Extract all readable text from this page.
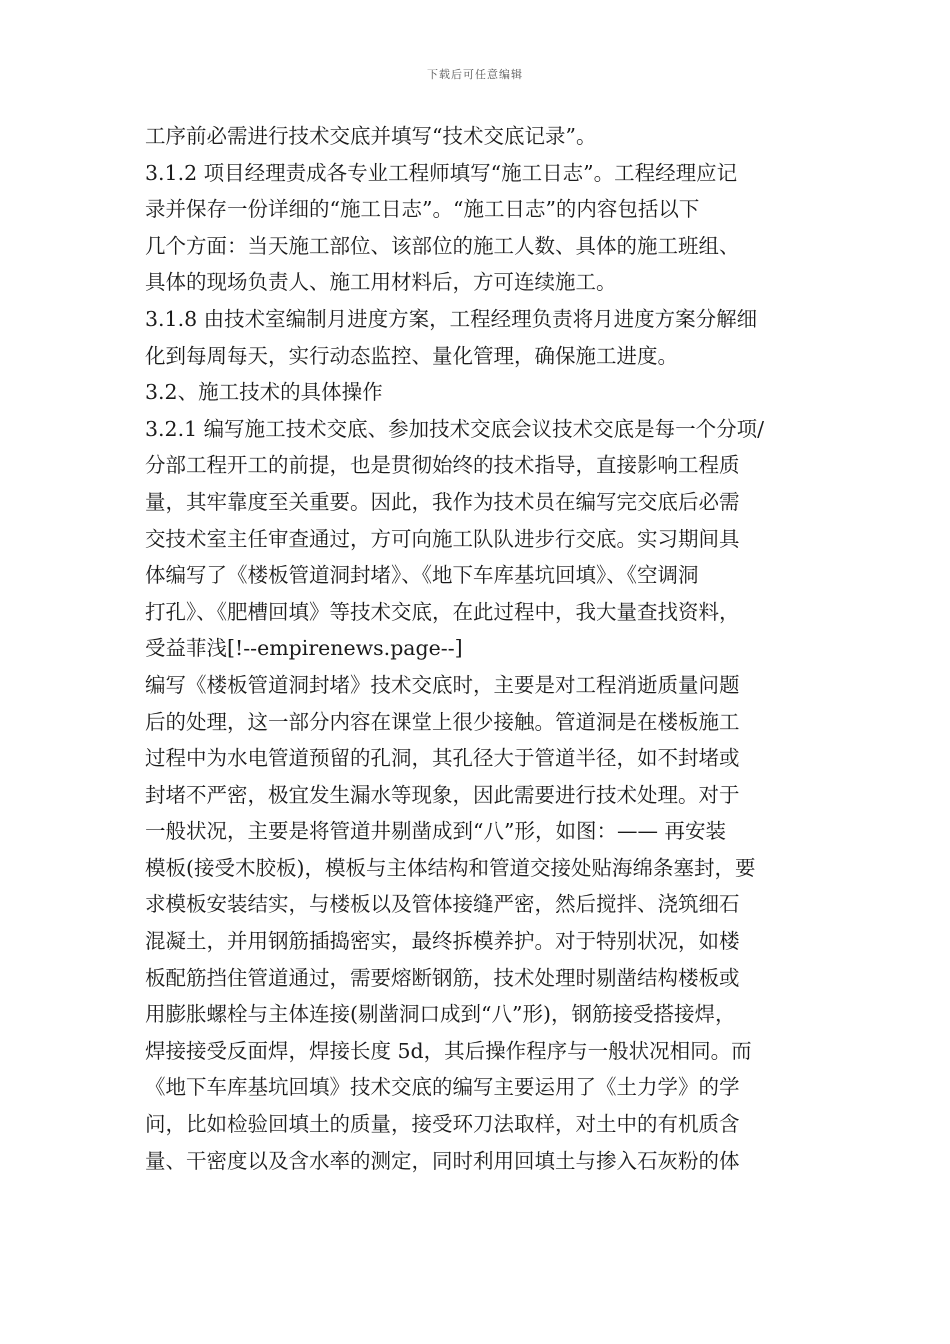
下载后可任意编辑
工序前必需进行技术交底并填写“技术交底记录”。
3.1.2 项目经理责成各专业工程师填写“施工日志”。工程经理应记
录并保存一份详细的“施工日志”。“施工日志”的内容包括以下
几个方面：当天施工部位、该部位的施工人数、具体的施工班组、
具体的现场负责人、施工用材料后，方可连续施工。
3.1.8 由技术室编制月进度方案，工程经理负责将月进度方案分解细
化到每周每天，实行动态监控、量化管理，确保施工进度。
3.2、施工技术的具体操作
3.2.1 编写施工技术交底、参加技术交底会议技术交底是每一个分项/
分部工程开工的前提，也是贯彻始终的技术指导，直接影响工程质
量，其牢靠度至关重要。因此，我作为技术员在编写完交底后必需
交技术室主任审查通过，方可向施工队队进步行交底。实习期间具
体编写了《楼板管道洞封堵》、《地下车库基坑回填》、《空调洞
打孔》、《肥槽回填》等技术交底，在此过程中，我大量查找资料，
受益菲浅[!--empirenews.page--]
编写《楼板管道洞封堵》技术交底时，主要是对工程消逝质量问题
后的处理，这一部分内容在课堂上很少接触。管道洞是在楼板施工
过程中为水电管道预留的孔洞，其孔径大于管道半径，如不封堵或
封堵不严密，极宜发生漏水等现象，因此需要进行技术处理。对于
一般状况，主要是将管道井剔凿成到“八”形，如图：—— 再安装
模板(接受木胶板)，模板与主体结构和管道交接处贴海绵条塞封，要
求模板安装结实，与楼板以及管体接缝严密，然后搅拌、浇筑细石
混凝土，并用钢筋插捣密实，最终拆模养护。对于特别状况，如楼
板配筋挡住管道通过，需要熔断钢筋，技术处理时剔凿结构楼板或
用膨胀螺栓与主体连接(剔凿洞口成到“八”形)，钢筋接受搭接焊，
焊接接受反面焊，焊接长度 5d，其后操作程序与一般状况相同。而
《地下车库基坑回填》技术交底的编写主要运用了《土力学》的学
问，比如检验回填土的质量，接受环刀法取样，对土中的有机质含
量、干密度以及含水率的测定，同时利用回填土与掺入石灰粉的体
